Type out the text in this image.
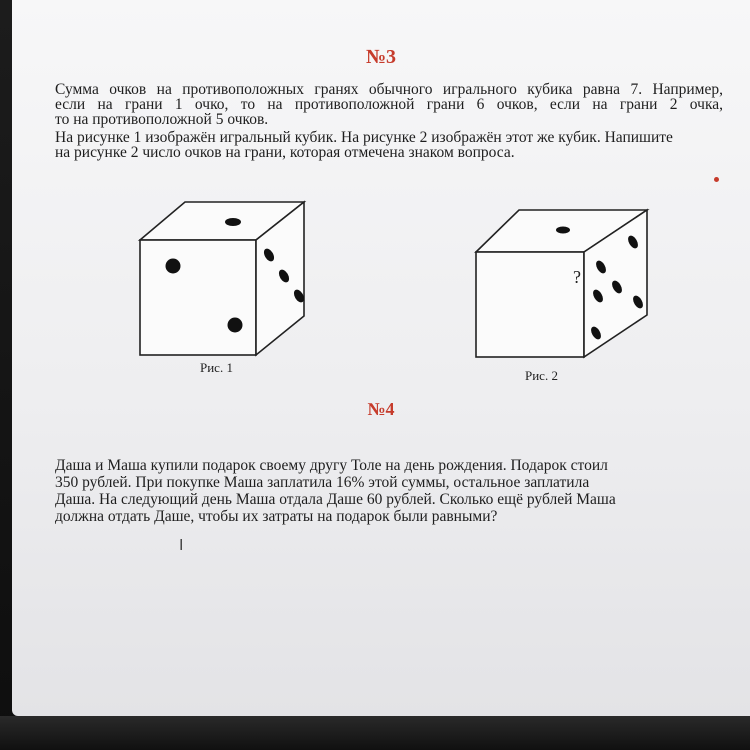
№3
Сумма очков на противоположных гранях обычного игрального кубика равна 7. Например,
если на грани 1 очко, то на противоположной грани 6 очков, если на грани 2 очка,
то на противоположной 5 очков.
На рисунке 1 изображён игральный кубик. На рисунке 2 изображён этот же кубик. Напишите
на рисунке 2 число очков на грани, которая отмечена знаком вопроса.
Рис. 1
?
Рис. 2
№4
Даша и Маша купили подарок своему другу Толе на день рождения. Подарок стоил
350 рублей. При покупке Маша заплатила 16% этой суммы, остальное заплатила
Даша. На следующий день Маша отдала Даше 60 рублей. Сколько ещё рублей Маша
должна отдать Даше, чтобы их затраты на подарок были равными?
I
